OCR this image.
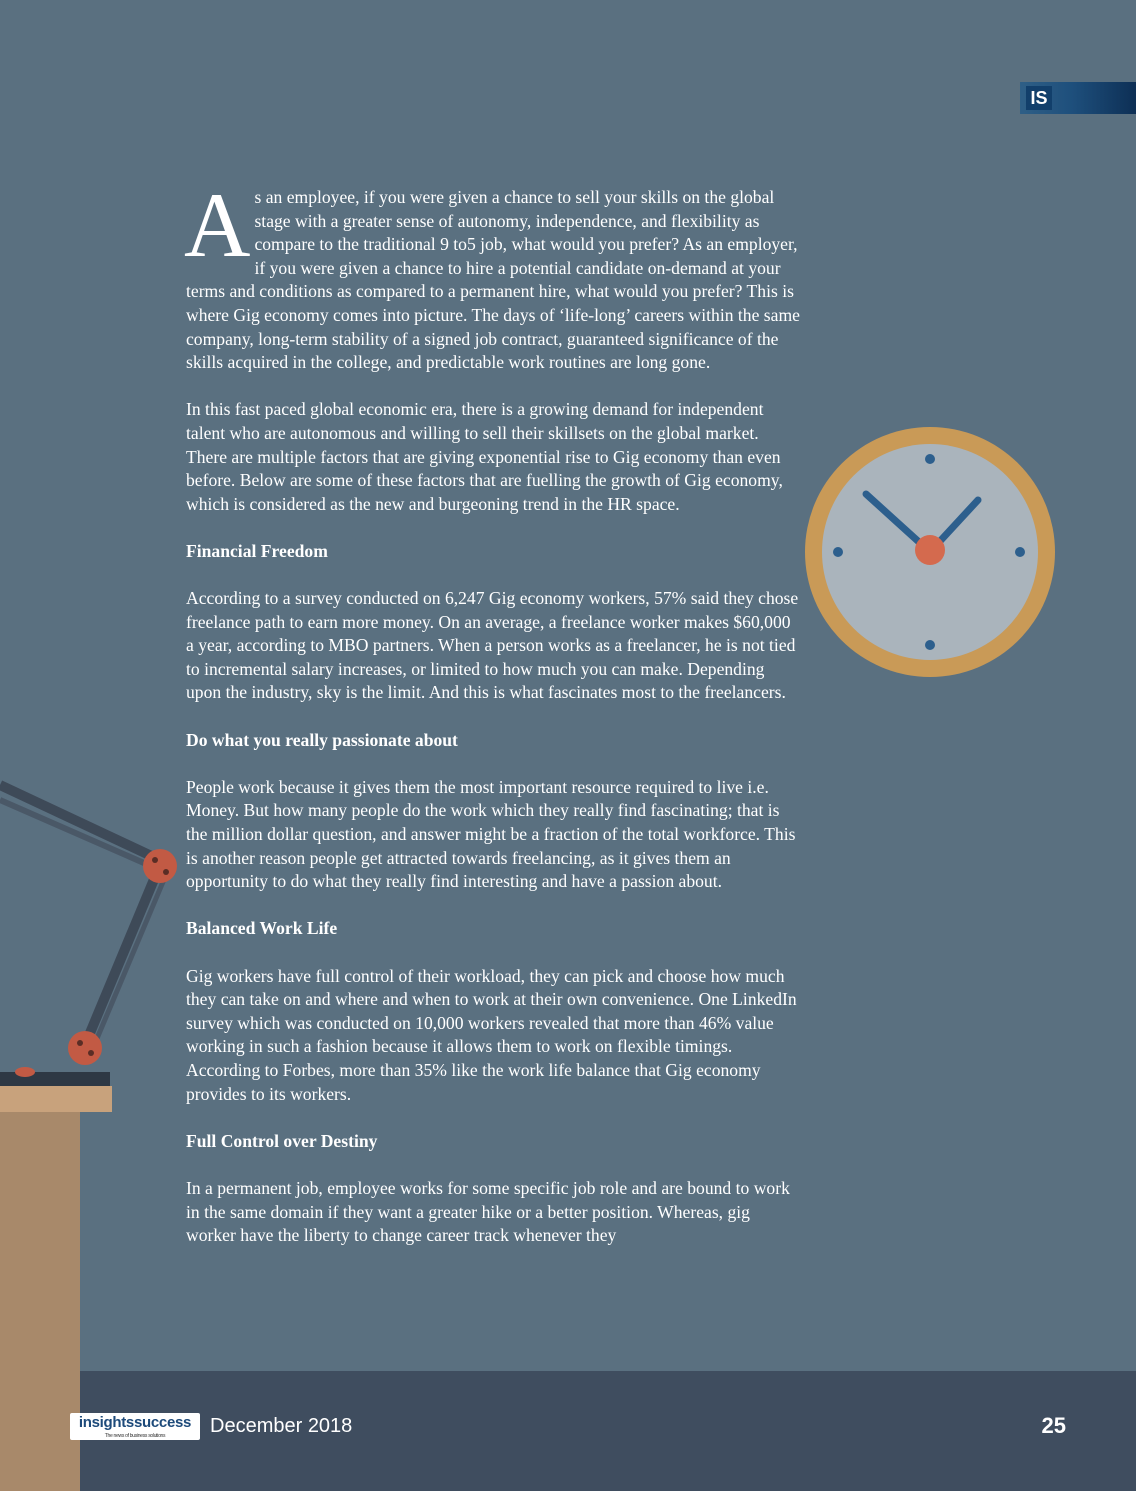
IS

As an employee, if you were given a chance to sell your skills on the global stage with a greater sense of autonomy, independence, and flexibility as compare to the traditional 9 to5 job, what would you prefer? As an employer, if you were given a chance to hire a potential candidate on-demand at your terms and conditions as compared to a permanent hire, what would you prefer? This is where Gig economy comes into picture. The days of ‘life-long’ careers within the same company, long-term stability of a signed job contract, guaranteed significance of the skills acquired in the college, and predictable work routines are long gone.

In this fast paced global economic era, there is a growing demand for independent talent who are autonomous and willing to sell their skillsets on the global market. There are multiple factors that are giving exponential rise to Gig economy than even before. Below are some of these factors that are fuelling the growth of Gig economy, which is considered as the new and burgeoning trend in the HR space.

Financial Freedom

According to a survey conducted on 6,247 Gig economy workers, 57% said they chose freelance path to earn more money. On an average, a freelance worker makes $60,000 a year, according to MBO partners. When a person works as a freelancer, he is not tied to incremental salary increases, or limited to how much you can make. Depending upon the industry, sky is the limit. And this is what fascinates most to the freelancers.

Do what you really passionate about

People work because it gives them the most important resource required to live i.e. Money. But how many people do the work which they really find fascinating; that is the million dollar question, and answer might be a fraction of the total workforce. This is another reason people get attracted towards freelancing, as it gives them an opportunity to do what they really find interesting and have a passion about.

Balanced Work Life

Gig workers have full control of their workload, they can pick and choose how much they can take on and where and when to work at their own convenience. One LinkedIn survey which was conducted on 10,000 workers revealed that more than 46% value working in such a fashion because it allows them to work on flexible timings. According to Forbes, more than 35% like the work life balance that Gig economy provides to its workers.

Full Control over Destiny

In a permanent job, employee works for some specific job role and are bound to work in the same domain if they want a greater hike or a better position. Whereas, gig worker have the liberty to change career track whenever they

insightssuccess
The news of business solutions	December 2018	25
